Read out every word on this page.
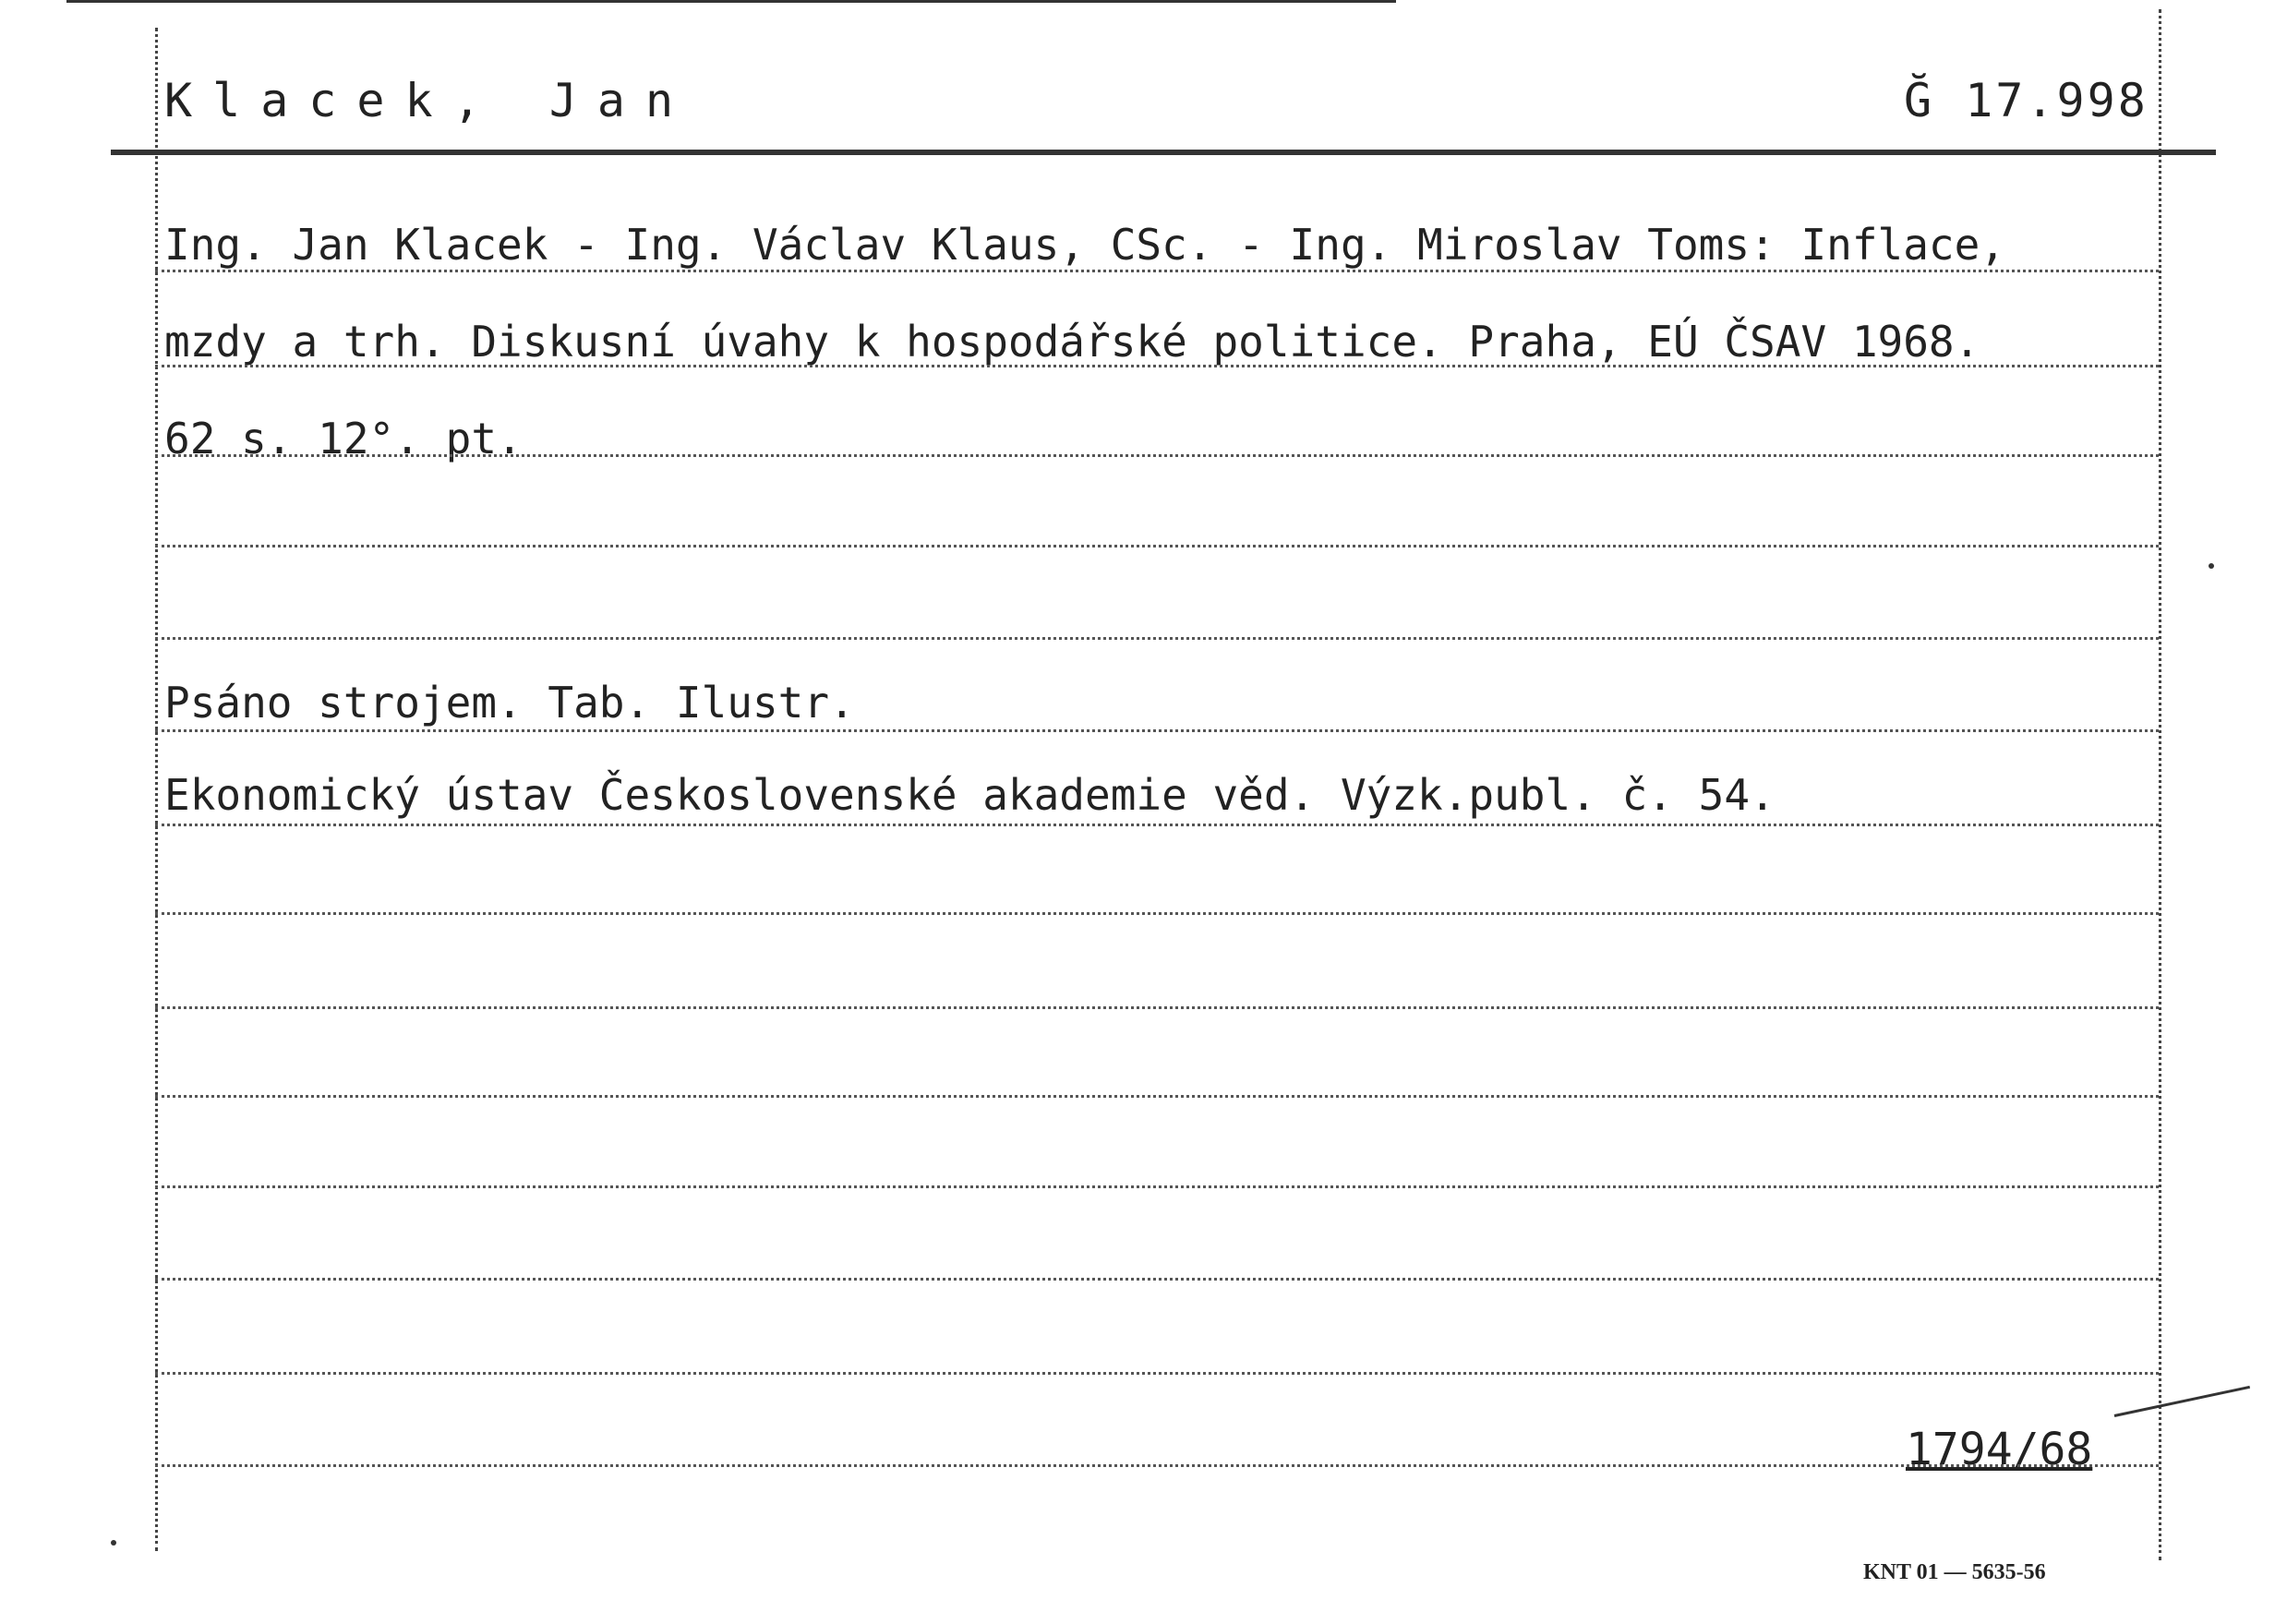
Klacek, Jan	Ğ 17.998
Ing. Jan Klacek - Ing. Václav Klaus, CSc. - Ing. Miroslav Toms: Inflace,
mzdy a trh. Diskusní úvahy k hospodářské politice. Praha, EÚ ČSAV 1968.
62 s. 12°. pt.
Psáno strojem. Tab. Ilustr.
Ekonomický ústav Československé akademie věd. Výzk.publ. č. 54.
1794/68
KNT 01 — 5635-56
